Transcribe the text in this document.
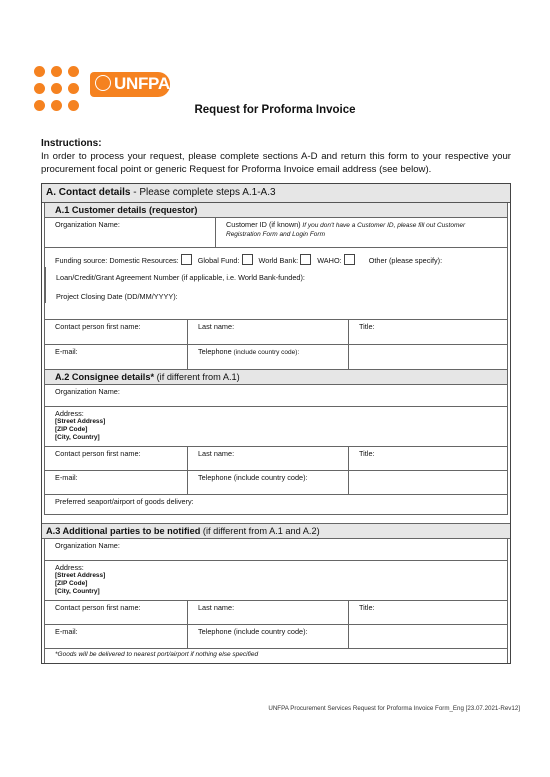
UNFPA
Request for Proforma Invoice
Instructions:
In order to process your request, please complete sections A-D and return this form to your respective your procurement focal point or generic Request for Proforma Invoice email address (see below).
A. Contact details - Please complete steps A.1-A.3
A.1 Customer details (requestor)
Organization Name:	Customer ID (if known) If you don't have a Customer ID, please fill out Customer Registration Form and Login Form
Funding source: Domestic Resources:	Global Fund:	World Bank:	WAHO:	Other (please specify):
Loan/Credit/Grant Agreement Number (if applicable, i.e. World Bank-funded):
Project Closing Date (DD/MM/YYYY):
Contact person first name:	Last name:	Title:
E-mail:	Telephone (include country code):
A.2 Consignee details* (if different from A.1)
Organization Name:
Address:
[Street Address]
[ZIP Code]
[City, Country]
Contact person first name:	Last name:	Title:
E-mail:	Telephone (include country code):
Preferred seaport/airport of goods delivery:
A.3 Additional parties to be notified (if different from A.1 and A.2)
Organization Name:
Address:
[Street Address]
[ZIP Code]
[City, Country]
Contact person first name:	Last name:	Title:
E-mail:	Telephone (include country code):
*Goods will be delivered to nearest port/airport if nothing else specified
UNFPA Procurement Services Request for Proforma Invoice Form_Eng [23.07.2021-Rev12]
